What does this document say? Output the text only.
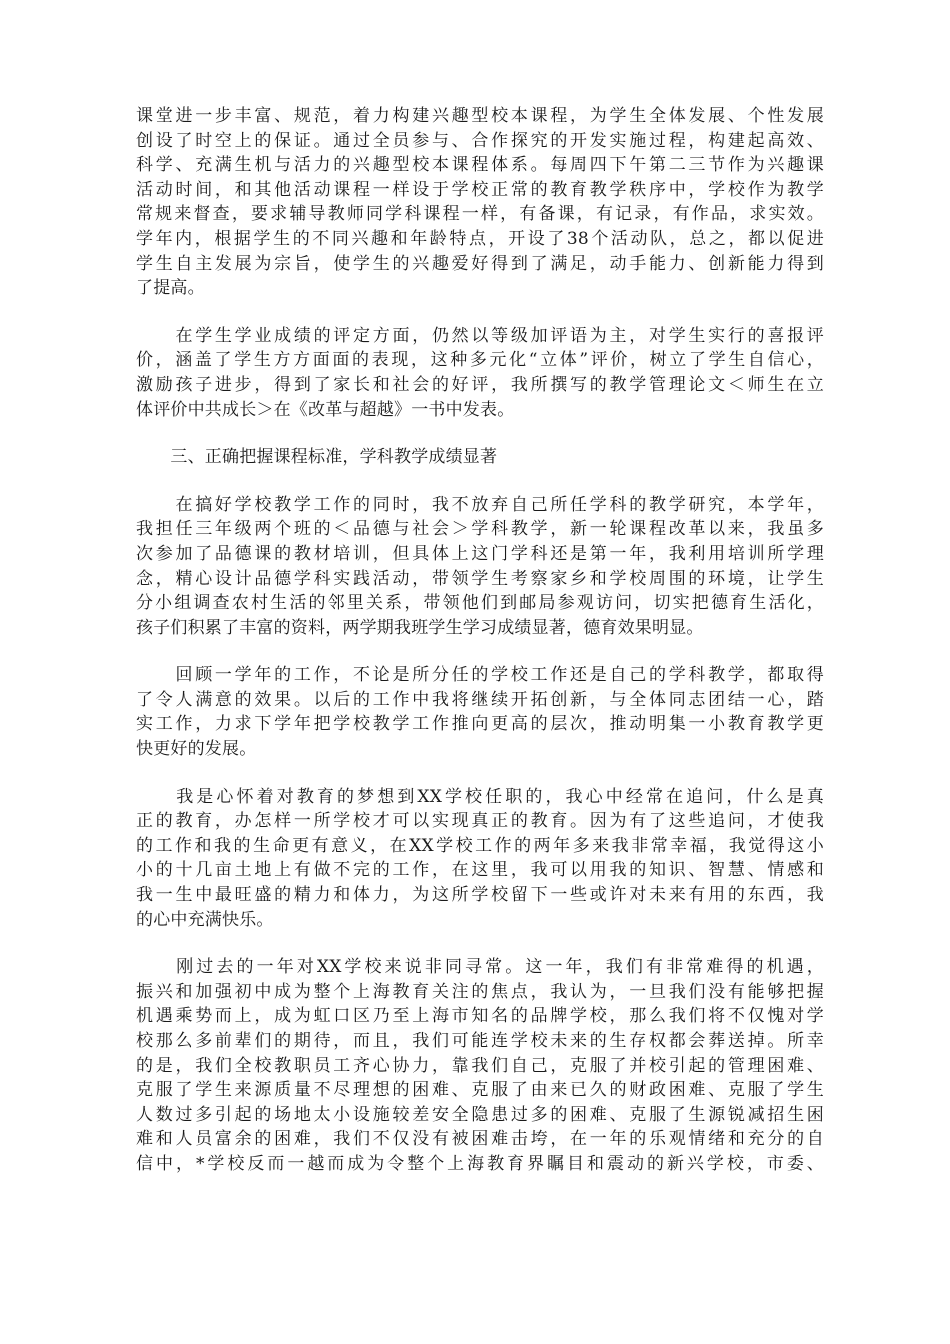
课堂进一步丰富、规范，着力构建兴趣型校本课程，为学生全体发展、个性发展
创设了时空上的保证。通过全员参与、合作探究的开发实施过程，构建起高效、
科学、充满生机与活力的兴趣型校本课程体系。每周四下午第二三节作为兴趣课
活动时间，和其他活动课程一样设于学校正常的教育教学秩序中，学校作为教学
常规来督查，要求辅导教师同学科课程一样，有备课，有记录，有作品，求实效。
学年内，根据学生的不同兴趣和年龄特点，开设了38个活动队，总之，都以促进
学生自主发展为宗旨，使学生的兴趣爱好得到了满足，动手能力、创新能力得到
了提高。
　　在学生学业成绩的评定方面，仍然以等级加评语为主，对学生实行的喜报评
价，涵盖了学生方方面面的表现，这种多元化“立体”评价，树立了学生自信心，
激励孩子进步，得到了家长和社会的好评，我所撰写的教学管理论文＜师生在立
体评价中共成长＞在《改革与超越》一书中发表。
　　三、正确把握课程标准，学科教学成绩显著
　　在搞好学校教学工作的同时，我不放弃自己所任学科的教学研究，本学年，
我担任三年级两个班的＜品德与社会＞学科教学，新一轮课程改革以来，我虽多
次参加了品德课的教材培训，但具体上这门学科还是第一年，我利用培训所学理
念，精心设计品德学科实践活动，带领学生考察家乡和学校周围的环境，让学生
分小组调查农村生活的邻里关系，带领他们到邮局参观访问，切实把德育生活化，
孩子们积累了丰富的资料，两学期我班学生学习成绩显著，德育效果明显。
　　回顾一学年的工作，不论是所分任的学校工作还是自己的学科教学，都取得
了令人满意的效果。以后的工作中我将继续开拓创新，与全体同志团结一心，踏
实工作，力求下学年把学校教学工作推向更高的层次，推动明集一小教育教学更
快更好的发展。
　　我是心怀着对教育的梦想到XX学校任职的，我心中经常在追问，什么是真
正的教育，办怎样一所学校才可以实现真正的教育。因为有了这些追问，才使我
的工作和我的生命更有意义，在XX学校工作的两年多来我非常幸福，我觉得这小
小的十几亩土地上有做不完的工作，在这里，我可以用我的知识、智慧、情感和
我一生中最旺盛的精力和体力，为这所学校留下一些或许对未来有用的东西，我
的心中充满快乐。
　　刚过去的一年对XX学校来说非同寻常。这一年，我们有非常难得的机遇，
振兴和加强初中成为整个上海教育关注的焦点，我认为，一旦我们没有能够把握
机遇乘势而上，成为虹口区乃至上海市知名的品牌学校，那么我们将不仅愧对学
校那么多前辈们的期待，而且，我们可能连学校未来的生存权都会葬送掉。所幸
的是，我们全校教职员工齐心协力，靠我们自己，克服了并校引起的管理困难、
克服了学生来源质量不尽理想的困难、克服了由来已久的财政困难、克服了学生
人数过多引起的场地太小设施较差安全隐患过多的困难、克服了生源锐减招生困
难和人员富余的困难，我们不仅没有被困难击垮，在一年的乐观情绪和充分的自
信中，*学校反而一越而成为令整个上海教育界瞩目和震动的新兴学校，市委、
